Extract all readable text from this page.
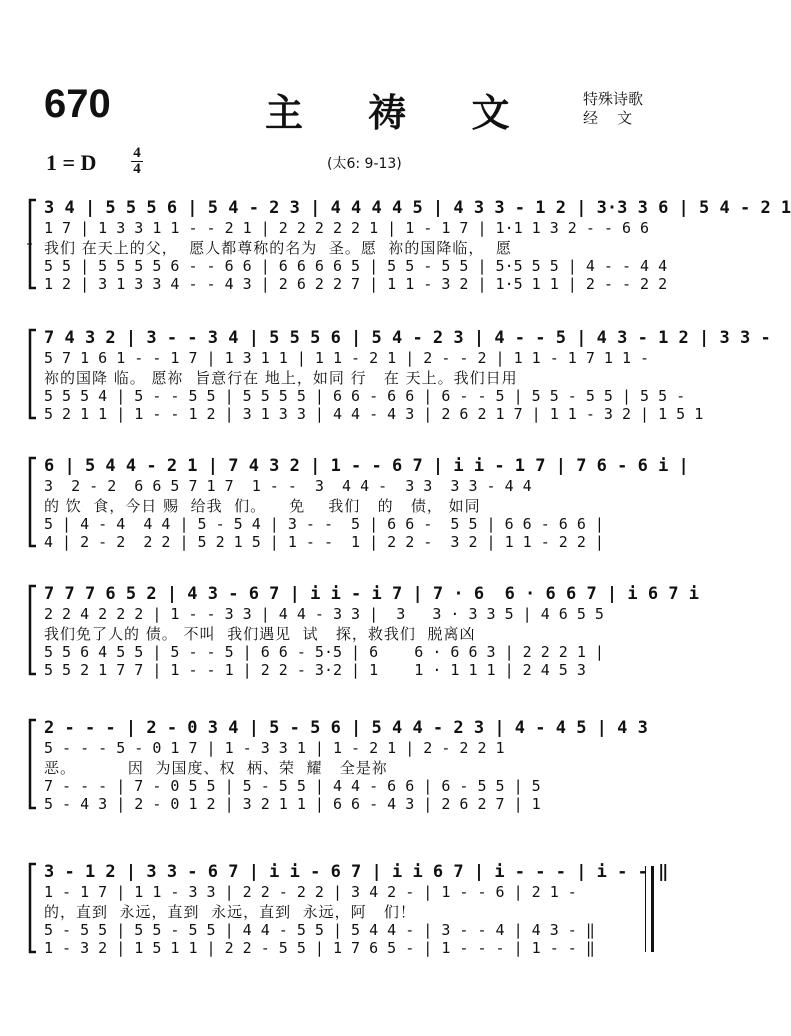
670	主 祷 文	特殊诗歌
经    文
1 = D 4
4	(太6: 9-13)
3 4 | 5 5 5 6 | 5 4 - 2 3 | 4 4 4 4 5 | 4 3 3 - 1 2 | 3·3 3 6 | 5 4 - 2 1
1 7 | 1 3 3 1 1 - - 2 1 | 2 2 2 2 2 1 | 1 - 1 7 | 1·1 1 3 2 - - 6 6
我们 在天上的父，  愿人都尊称的名为  圣。愿  祢的国降临，  愿
5 5 | 5 5 5 5 6 - - 6 6 | 6 6 6 6 5 | 5 5 - 5 5 | 5·5 5 5 | 4 - - 4 4
1 2 | 3 1 3 3 4 - - 4 3 | 2 6 2 2 7 | 1 1 - 3 2 | 1·5 1 1 | 2 - - 2 2
7 4 3 2 | 3 - - 3 4 | 5 5 5 6 | 5 4 - 2 3 | 4 - - 5 | 4 3 - 1 2 | 3 3 -
5 7 1 6 1 - - 1 7 | 1 3 1 1 | 1 1 - 2 1 | 2 - - 2 | 1 1 - 1 7 1 1 -
祢的国降 临。 愿祢  旨意行在 地上，如同 行   在 天上。我们日用
5 5 5 4 | 5 - - 5 5 | 5 5 5 5 | 6 6 - 6 6 | 6 - - 5 | 5 5 - 5 5 | 5 5 -
5 2 1 1 | 1 - - 1 2 | 3 1 3 3 | 4 4 - 4 3 | 2 6 2 1 7 | 1 1 - 3 2 | 1 5 1
6 | 5 4 4 - 2 1 | 7 4 3 2 | 1 - - 6 7 | i i - 1 7 | 7 6 - 6 i |
3  2 - 2  6 6 5 7 1 7  1 - -  3  4 4 -  3 3  3 3 - 4 4
的 饮  食，今日 赐  给我  们。    免    我们   的   债， 如同
5 | 4 - 4  4 4 | 5 - 5 4 | 3 - -  5 | 6 6 -  5 5 | 6 6 - 6 6 |
4 | 2 - 2  2 2 | 5 2 1 5 | 1 - -  1 | 2 2 -  3 2 | 1 1 - 2 2 |
7 7 7 6 5 2 | 4 3 - 6 7 | i i - i 7 | 7 · 6  6 · 6 6 7 | i 6 7 i
2 2 4 2 2 2 | 1 - - 3 3 | 4 4 - 3 3 |  3   3 · 3 3 5 | 4 6 5 5
我们免了人的 债。 不叫  我们遇见  试   探，救我们  脱离凶
5 5 6 4 5 5 | 5 - - 5 | 6 6 - 5·5 | 6    6 · 6 6 3 | 2 2 2 1 |
5 5 2 1 7 7 | 1 - - 1 | 2 2 - 3·2 | 1    1 · 1 1 1 | 2 4 5 3
2 - - - | 2 - 0 3 4 | 5 - 5 6 | 5 4 4 - 2 3 | 4 - 4 5 | 4 3
5 - - - 5 - 0 1 7 | 1 - 3 3 1 | 1 - 2 1 | 2 - 2 2 1
恶。         因  为国度、权  柄、荣  耀   全是祢
7 - - - | 7 - 0 5 5 | 5 - 5 5 | 4 4 - 6 6 | 6 - 5 5 | 5
5 - 4 3 | 2 - 0 1 2 | 3 2 1 1 | 6 6 - 4 3 | 2 6 2 7 | 1
3 - 1 2 | 3 3 - 6 7 | i i - 6 7 | i i 6 7 | i - - - | i - - ‖
1 - 1 7 | 1 1 - 3 3 | 2 2 - 2 2 | 3 4 2 - | 1 - - 6 | 2 1 -
的，直到  永远，直到  永远，直到  永远，阿   们！
5 - 5 5 | 5 5 - 5 5 | 4 4 - 5 5 | 5 4 4 - | 3 - - 4 | 4 3 - ‖
1 - 3 2 | 1 5 1 1 | 2 2 - 5 5 | 1 7 6 5 - | 1 - - - | 1 - - ‖
